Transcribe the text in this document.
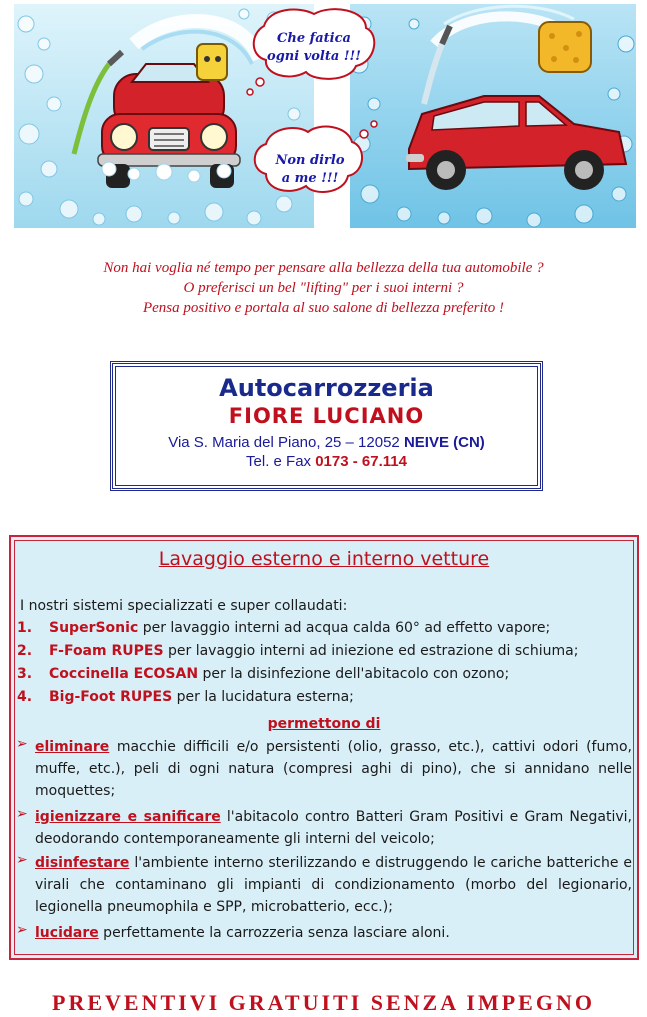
Che fatica
ogni volta !!!
Non dirlo
a me !!!
Non hai voglia né tempo per pensare alla bellezza della tua automobile ?
O preferisci un bel "lifting" per i suoi interni ?
Pensa positivo e portala al suo salone di bellezza preferito !
Autocarrozzeria
FIORE LUCIANO
Via S. Maria del Piano, 25 – 12052 NEIVE (CN)
Tel. e Fax 0173 - 67.114
Lavaggio esterno e interno vetture
I nostri sistemi specializzati e super collaudati:
1. SuperSonic per lavaggio interni ad acqua calda 60° ad effetto vapore;
2. F-Foam RUPES per lavaggio interni ad iniezione ed estrazione di schiuma;
3. Coccinella ECOSAN per la disinfezione dell'abitacolo con ozono;
4. Big-Foot RUPES per la lucidatura esterna;
permettono di
➢ eliminare macchie difficili e/o persistenti (olio, grasso, etc.), cattivi odori (fumo, muffe, etc.), peli di ogni natura (compresi aghi di pino), che si annidano nelle moquettes;
➢ igienizzare e sanificare l'abitacolo contro Batteri Gram Positivi e Gram Negativi, deodorando contemporaneamente gli interni del veicolo;
➢ disinfestare l'ambiente interno sterilizzando e distruggendo le cariche batteriche e virali che contaminano gli impianti di condizionamento (morbo del legionario, legionella pneumophila e SPP, microbatterio, ecc.);
➢ lucidare perfettamente la carrozzeria senza lasciare aloni.
PREVENTIVI GRATUITI SENZA IMPEGNO
